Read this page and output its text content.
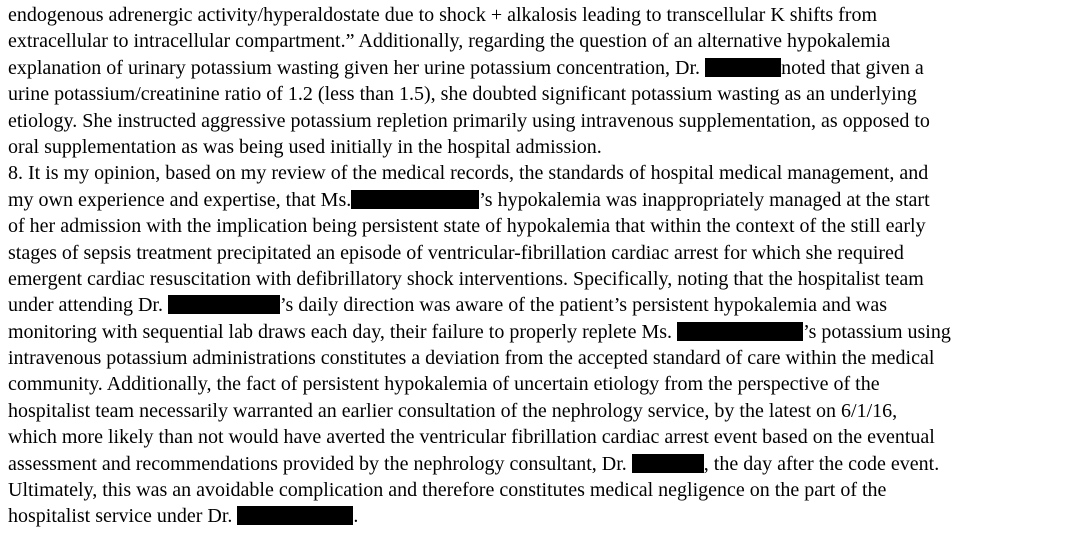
endogenous adrenergic activity/hyperaldostate due to shock + alkalosis leading to transcellular K shifts from
extracellular to intracellular compartment.” Additionally, regarding the question of an alternative hypokalemia
explanation of urinary potassium wasting given her urine potassium concentration, Dr.	noted that given a
urine potassium/creatinine ratio of 1.2 (less than 1.5), she doubted significant potassium wasting as an underlying
etiology. She instructed aggressive potassium repletion primarily using intravenous supplementation, as opposed to
oral supplementation as was being used initially in the hospital admission.
8. It is my opinion, based on my review of the medical records, the standards of hospital medical management, and
my own experience and expertise, that Ms.	’s hypokalemia was inappropriately managed at the start
of her admission with the implication being persistent state of hypokalemia that within the context of the still early
stages of sepsis treatment precipitated an episode of ventricular-fibrillation cardiac arrest for which she required
emergent cardiac resuscitation with defibrillatory shock interventions. Specifically, noting that the hospitalist team
under attending Dr.	’s daily direction was aware of the patient’s persistent hypokalemia and was
monitoring with sequential lab draws each day, their failure to properly replete Ms.	’s potassium using
intravenous potassium administrations constitutes a deviation from the accepted standard of care within the medical
community. Additionally, the fact of persistent hypokalemia of uncertain etiology from the perspective of the
hospitalist team necessarily warranted an earlier consultation of the nephrology service, by the latest on 6/1/16,
which more likely than not would have averted the ventricular fibrillation cardiac arrest event based on the eventual
assessment and recommendations provided by the nephrology consultant, Dr.	, the day after the code event.
Ultimately, this was an avoidable complication and therefore constitutes medical negligence on the part of the
hospitalist service under Dr.	.
